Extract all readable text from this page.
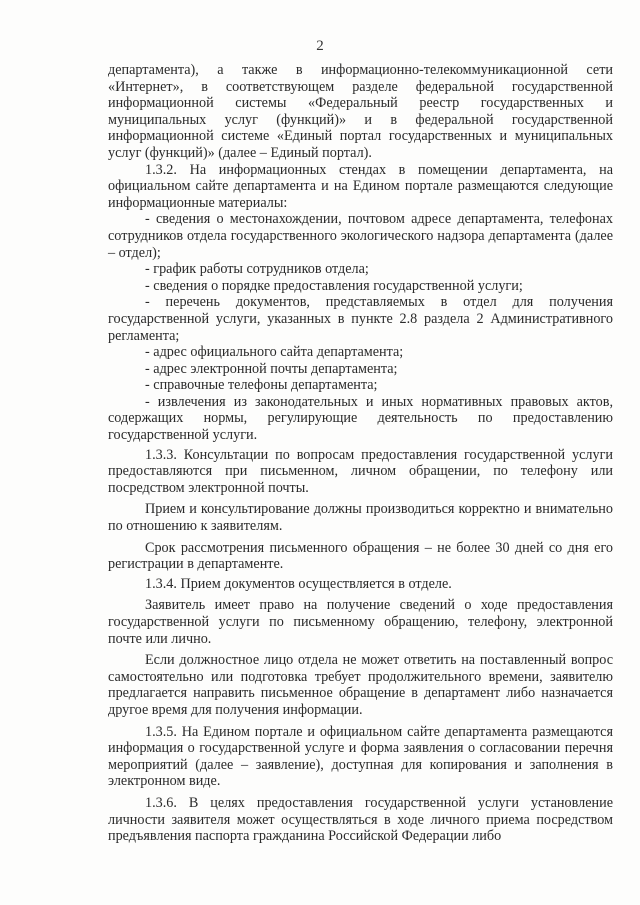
2

департамента), а также в информационно-телекоммуникационной сети «Интернет», в соответствующем разделе федеральной государственной информационной системы «Федеральный реестр государственных и муниципальных услуг (функций)» и в федеральной государственной информационной системе «Единый портал государственных и муниципальных услуг (функций)» (далее – Единый портал).

1.3.2. На информационных стендах в помещении департамента, на официальном сайте департамента и на Едином портале размещаются следующие информационные материалы:

- сведения о местонахождении, почтовом адресе департамента, телефонах сотрудников отдела государственного экологического надзора департамента (далее – отдел);

- график работы сотрудников отдела;

- сведения о порядке предоставления государственной услуги;

- перечень документов, представляемых в отдел для получения государственной услуги, указанных в пункте 2.8 раздела 2 Административного регламента;

- адрес официального сайта департамента;

- адрес электронной почты департамента;

- справочные телефоны департамента;

- извлечения из законодательных и иных нормативных правовых актов, содержащих нормы, регулирующие деятельность по предоставлению государственной услуги.

1.3.3. Консультации по вопросам предоставления государственной услуги предоставляются при письменном, личном обращении, по телефону или посредством электронной почты.

Прием и консультирование должны производиться корректно и внимательно по отношению к заявителям.

Срок рассмотрения письменного обращения – не более 30 дней со дня его регистрации в департаменте.

1.3.4. Прием документов осуществляется в отделе.

Заявитель имеет право на получение сведений о ходе предоставления государственной услуги по письменному обращению, телефону, электронной почте или лично.

Если должностное лицо отдела не может ответить на поставленный вопрос самостоятельно или подготовка требует продолжительного времени, заявителю предлагается направить письменное обращение в департамент либо назначается другое время для получения информации.

1.3.5. На Едином портале и официальном сайте департамента размещаются информация о государственной услуге и форма заявления о согласовании перечня мероприятий (далее – заявление), доступная для копирования и заполнения в электронном виде.

1.3.6. В целях предоставления государственной услуги установление личности заявителя может осуществляться в ходе личного приема посредством предъявления паспорта гражданина Российской Федерации либо
